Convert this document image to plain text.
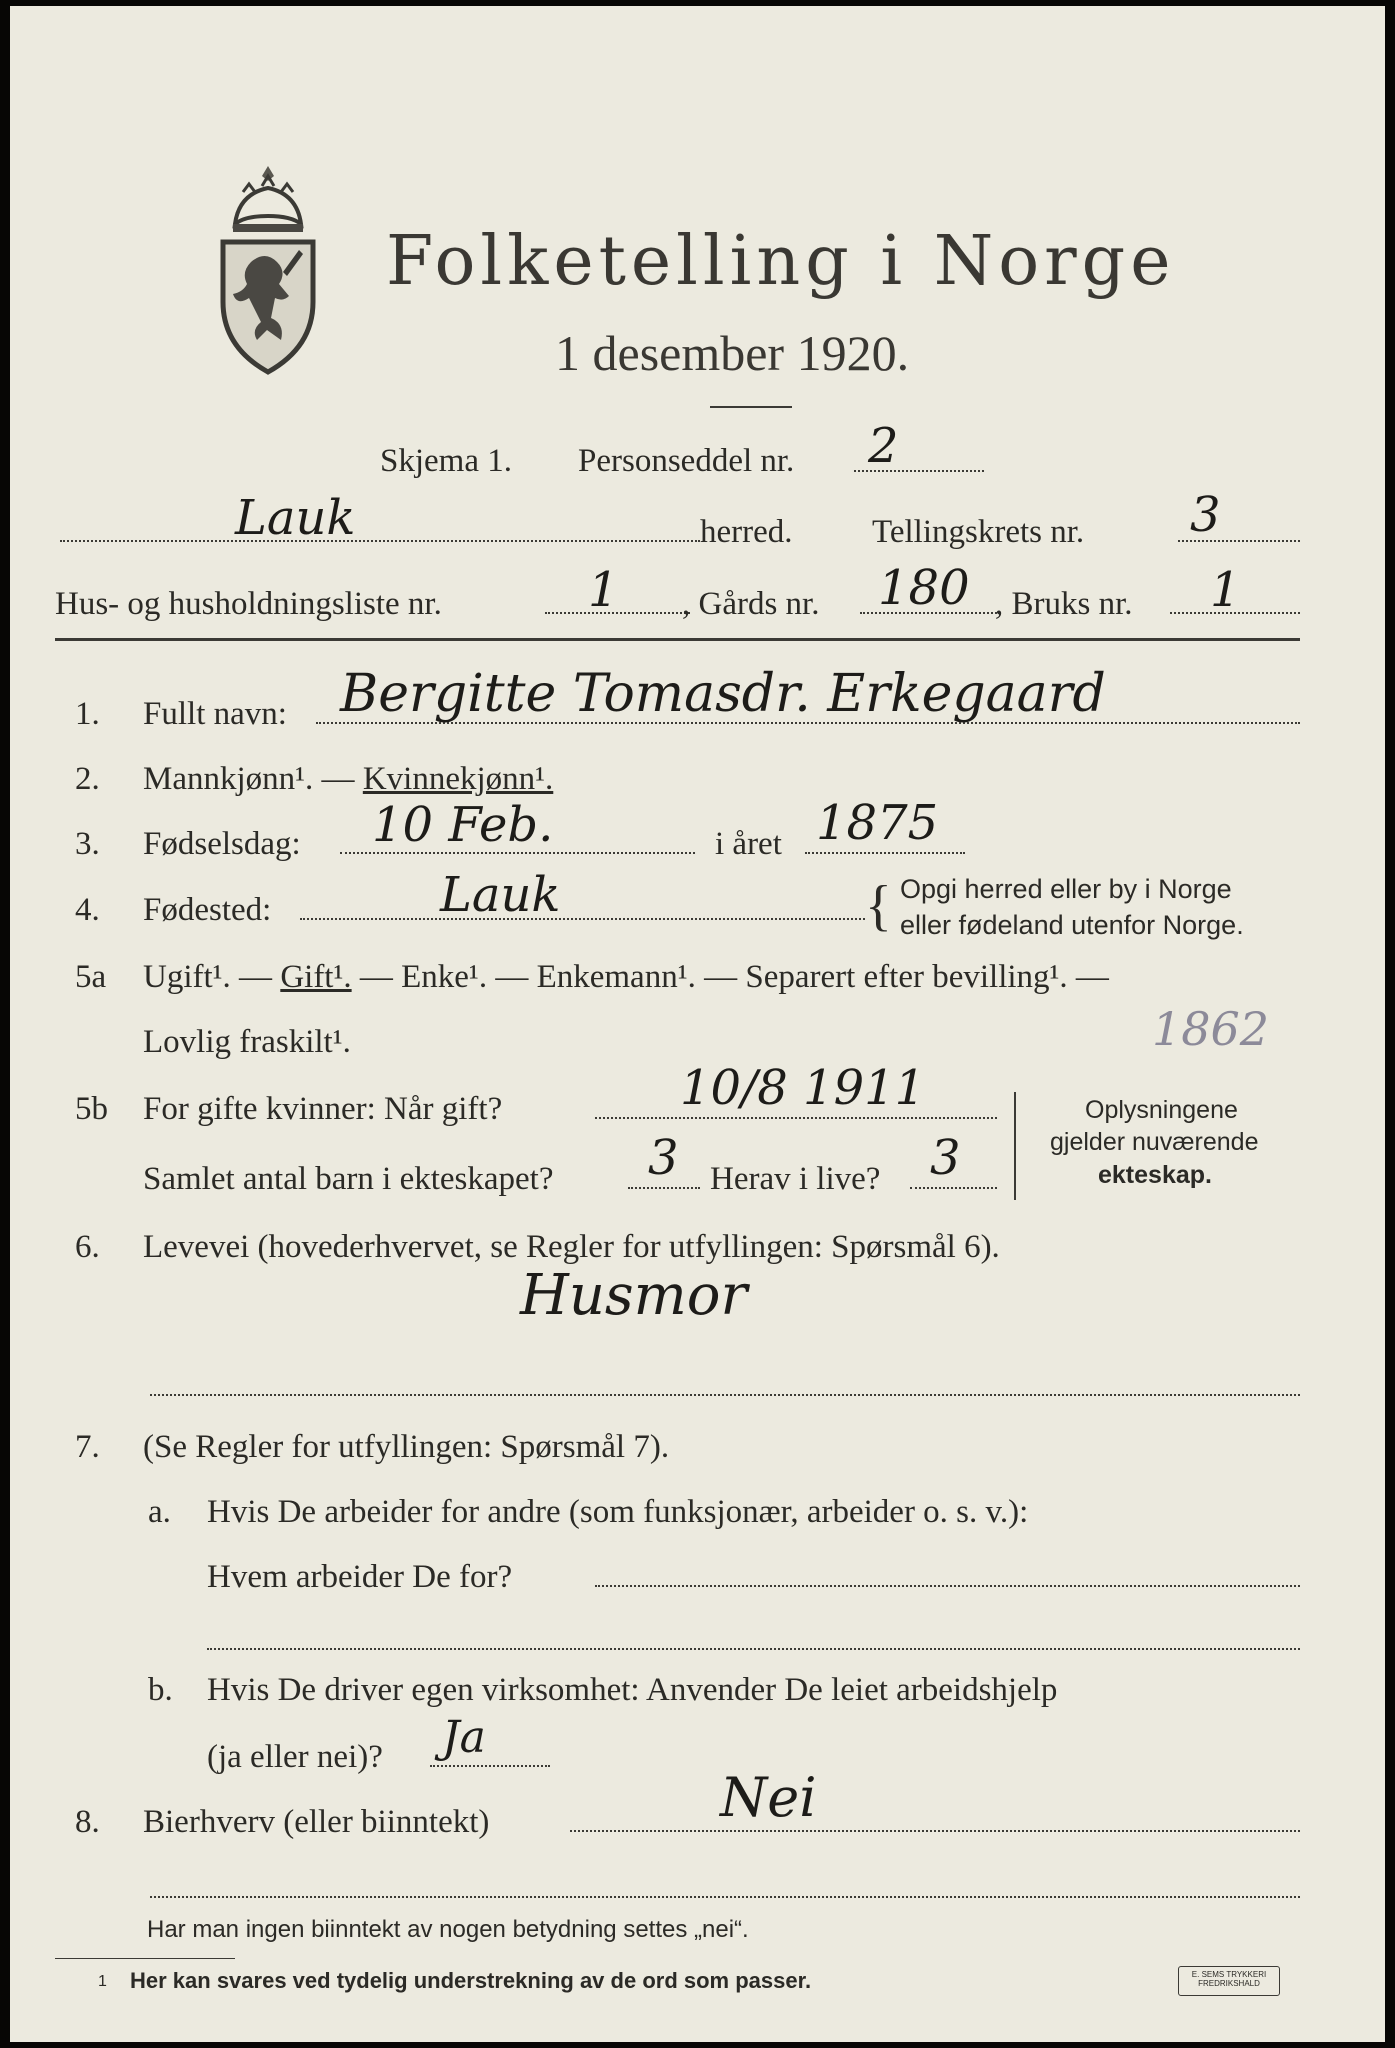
Folketelling i Norge
1 desember 1920.
Skjema 1. Personseddel nr. 2
Lauk	herred. Tellingskrets nr. 3
Hus- og husholdningsliste nr.	1 , Gårds nr. 180 , Bruks nr. 1
1. Fullt navn: Bergitte Tomasdr. Erkegaard
2. Mannkjønn¹. — Kvinnekjønn¹.
3. Fødselsdag: 10 Feb.	i året 1875
4. Fødested:	Lauk	{ Opgi herred eller by i Norge
eller fødeland utenfor Norge.
5a Ugift¹. — Gift¹. — Enke¹. — Enkemann¹. — Separert efter bevilling¹. —
Lovlig fraskilt¹.	1862
5b For gifte kvinner: Når gift?	10/8 1911
Samlet antal barn i ekteskapet? 3 Herav i live? 3
Oplysningene
gjelder nuværende
ekteskap.
6. Levevei (hovederhvervet, se Regler for utfyllingen: Spørsmål 6).
Husmor
7. (Se Regler for utfyllingen: Spørsmål 7).
a. Hvis De arbeider for andre (som funksjonær, arbeider o. s. v.):
Hvem arbeider De for?
b. Hvis De driver egen virksomhet: Anvender De leiet arbeidshjelp
(ja eller nei)? Ja
8. Bierhverv (eller biinntekt)	Nei
Har man ingen biinntekt av nogen betydning settes „nei“.
1 Her kan svares ved tydelig understrekning av de ord som passer.	E. SEMS TRYKKERI
FREDRIKSHALD
